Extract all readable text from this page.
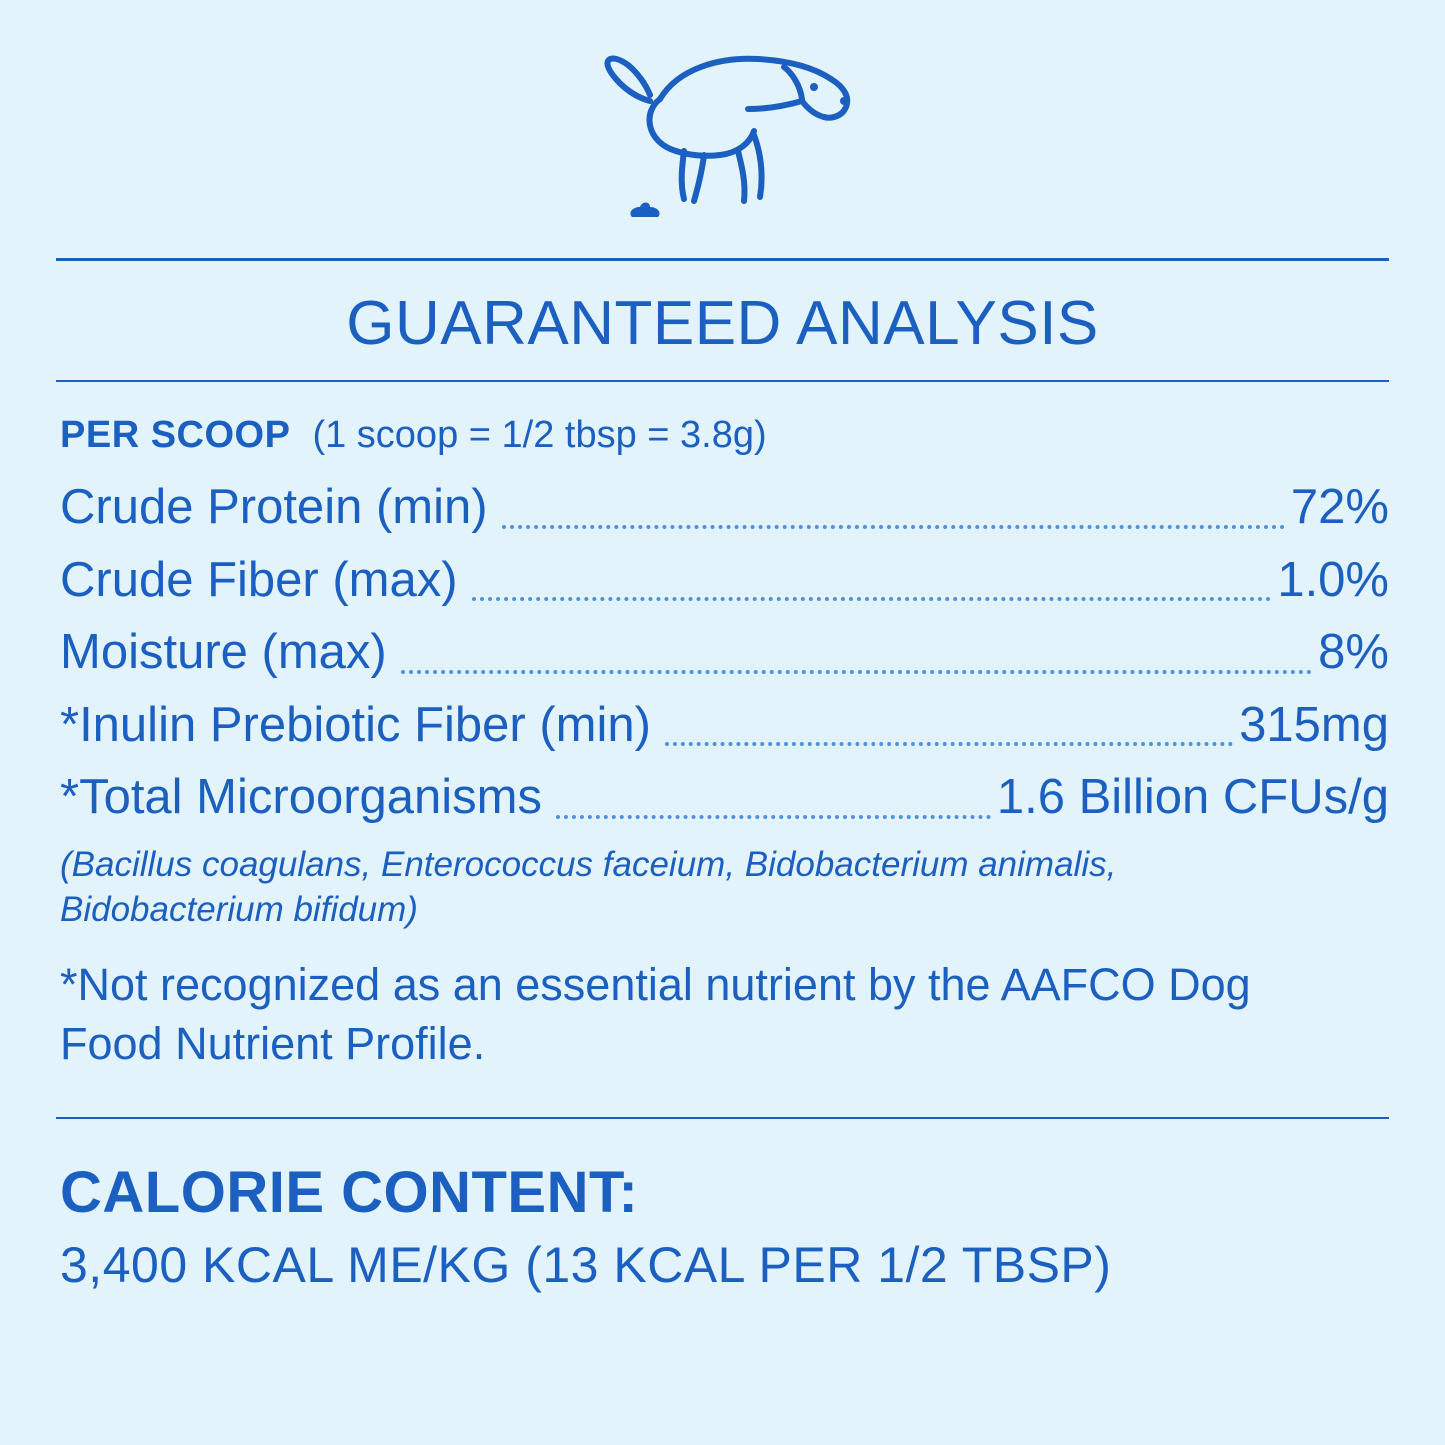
GUARANTEED ANALYSIS
PER SCOOP (1 scoop = 1/2 tbsp = 3.8g)
Crude Protein (min)	72%
Crude Fiber (max)	1.0%
Moisture (max)	8%
*Inulin Prebiotic Fiber (min)	315mg
*Total Microorganisms	1.6 Billion CFUs/g
(Bacillus coagulans, Enterococcus faceium, Bidobacterium animalis, Bidobacterium bifidum)
*Not recognized as an essential nutrient by the AAFCO Dog Food Nutrient Profile.
CALORIE CONTENT:
3,400 KCAL ME/KG (13 KCAL PER 1/2 TBSP)
